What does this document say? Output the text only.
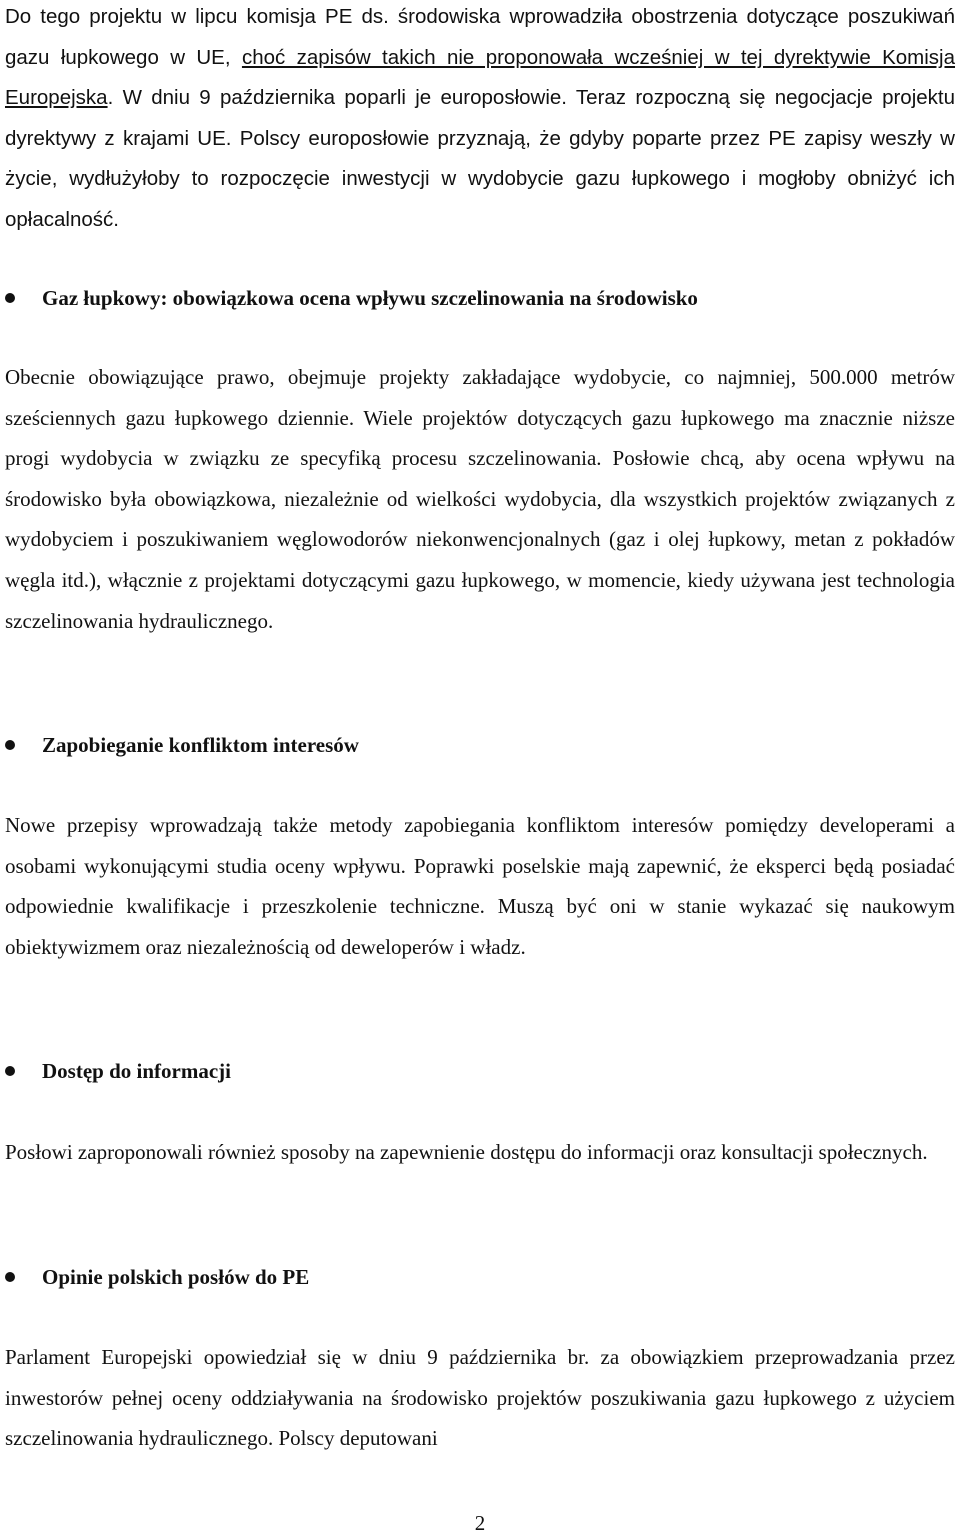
Do tego projektu w lipcu komisja PE ds. środowiska wprowadziła obostrzenia dotyczące poszukiwań gazu łupkowego w UE, choć zapisów takich nie proponowała wcześniej w tej dyrektywie Komisja Europejska. W dniu 9 października poparli je europosłowie. Teraz rozpoczną się negocjacje projektu dyrektywy z krajami UE. Polscy europosłowie przyznają, że gdyby poparte przez PE zapisy weszły w życie, wydłużyłoby to rozpoczęcie inwestycji w wydobycie gazu łupkowego i mogłoby obniżyć ich opłacalność.

Gaz łupkowy: obowiązkowa ocena wpływu szczelinowania na środowisko

Obecnie obowiązujące prawo, obejmuje projekty zakładające wydobycie, co najmniej, 500.000 metrów sześciennych gazu łupkowego dziennie. Wiele projektów dotyczących gazu łupkowego ma znacznie niższe progi wydobycia w związku ze specyfiką procesu szczelinowania. Posłowie chcą, aby ocena wpływu na środowisko była obowiązkowa, niezależnie od wielkości wydobycia, dla wszystkich projektów związanych z wydobyciem i poszukiwaniem węglowodorów niekonwencjonalnych (gaz i olej łupkowy, metan z pokładów węgla itd.), włącznie z projektami dotyczącymi gazu łupkowego, w momencie, kiedy używana jest technologia szczelinowania hydraulicznego.

Zapobieganie konfliktom interesów

Nowe przepisy wprowadzają także metody zapobiegania konfliktom interesów pomiędzy developerami a osobami wykonującymi studia oceny wpływu. Poprawki poselskie mają zapewnić, że eksperci będą posiadać odpowiednie kwalifikacje i przeszkolenie techniczne. Muszą być oni w stanie wykazać się naukowym obiektywizmem oraz niezależnością od deweloperów i władz.

Dostęp do informacji

Posłowi zaproponowali również sposoby na zapewnienie dostępu do informacji oraz konsultacji społecznych.

Opinie polskich posłów do PE

Parlament Europejski opowiedział się w dniu 9 października br. za obowiązkiem przeprowadzania przez inwestorów pełnej oceny oddziaływania na środowisko projektów poszukiwania gazu łupkowego z użyciem szczelinowania hydraulicznego. Polscy deputowani

2
